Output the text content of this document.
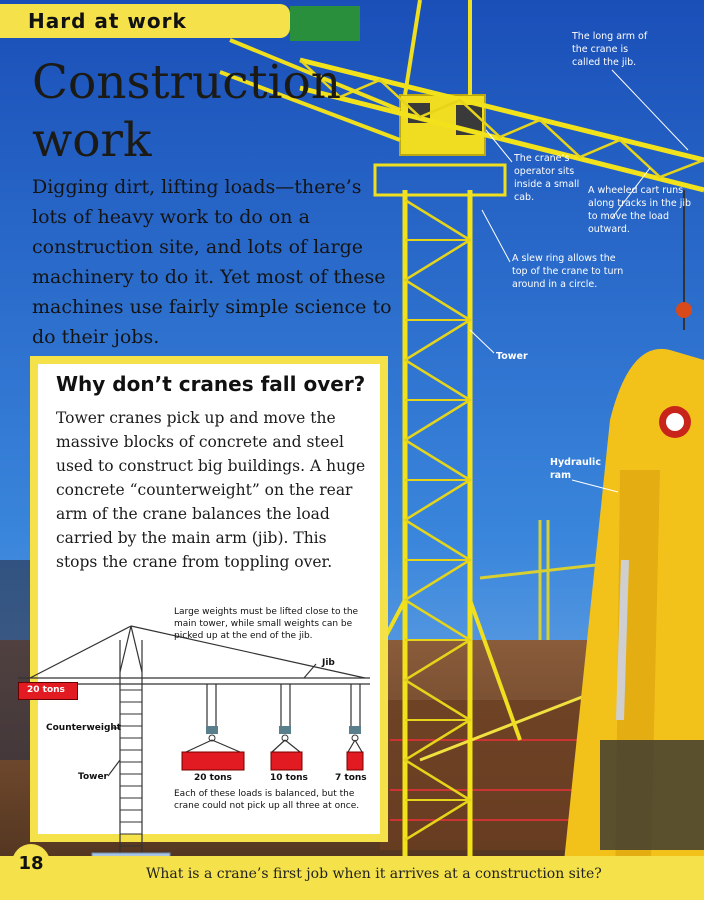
Hard at work
Construction
work
Digging dirt, lifting loads—there’s lots of heavy work to do on a construction site, and lots of large machinery to do it. Yet most of these machines use fairly simple science to do their jobs.
The long arm of the crane is called the jib.
The crane’s operator sits inside a small cab.
A wheeled cart runs along tracks in the jib to move the load outward.
A slew ring allows the top of the crane to turn around in a circle.
Tower
Hydraulic ram
Why don’t cranes fall over?

Tower cranes pick up and move the massive blocks of concrete and steel used to construct big buildings. A huge concrete “counterweight” on the rear arm of the crane balances the load carried by the main arm (jib). This stops the crane from toppling over.

20 tons
Large weights must be lifted close to the main tower, while small weights can be picked up at the end of the jib.
Jib
Counterweight
Tower	20 tons	10 tons	7 tons
Each of these loads is balanced, but the crane could not pick up all three at once.
18
What is a crane’s first job when it arrives at a construction site?
